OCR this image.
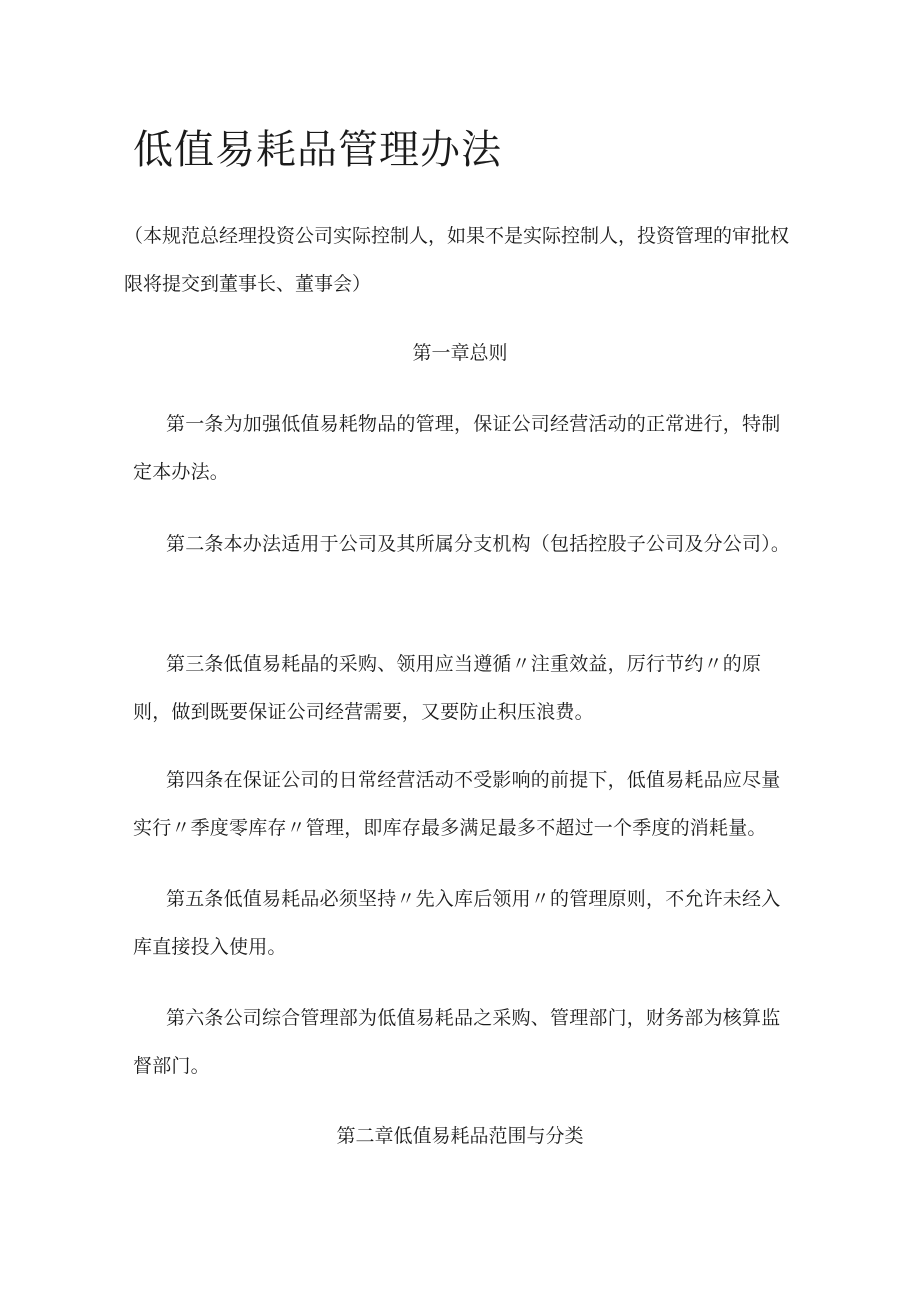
低值易耗品管理办法

（本规范总经理投资公司实际控制人，如果不是实际控制人，投资管理的审批权限将提交到董事长、董事会）

第一章总则

第一条为加强低值易耗物品的管理，保证公司经营活动的正常进行，特制定本办法。

第二条本办法适用于公司及其所属分支机构（包括控股子公司及分公司）。

第三条低值易耗晶的采购、领用应当遵循〃注重效益，厉行节约〃的原则，做到既要保证公司经营需要，又要防止积压浪费。

第四条在保证公司的日常经营活动不受影响的前提下，低值易耗品应尽量实行〃季度零库存〃管理，即库存最多满足最多不超过一个季度的消耗量。

第五条低值易耗品必须坚持〃先入库后领用〃的管理原则，不允许未经入库直接投入使用。

第六条公司综合管理部为低值易耗品之采购、管理部门，财务部为核算监督部门。

第二章低值易耗品范围与分类
